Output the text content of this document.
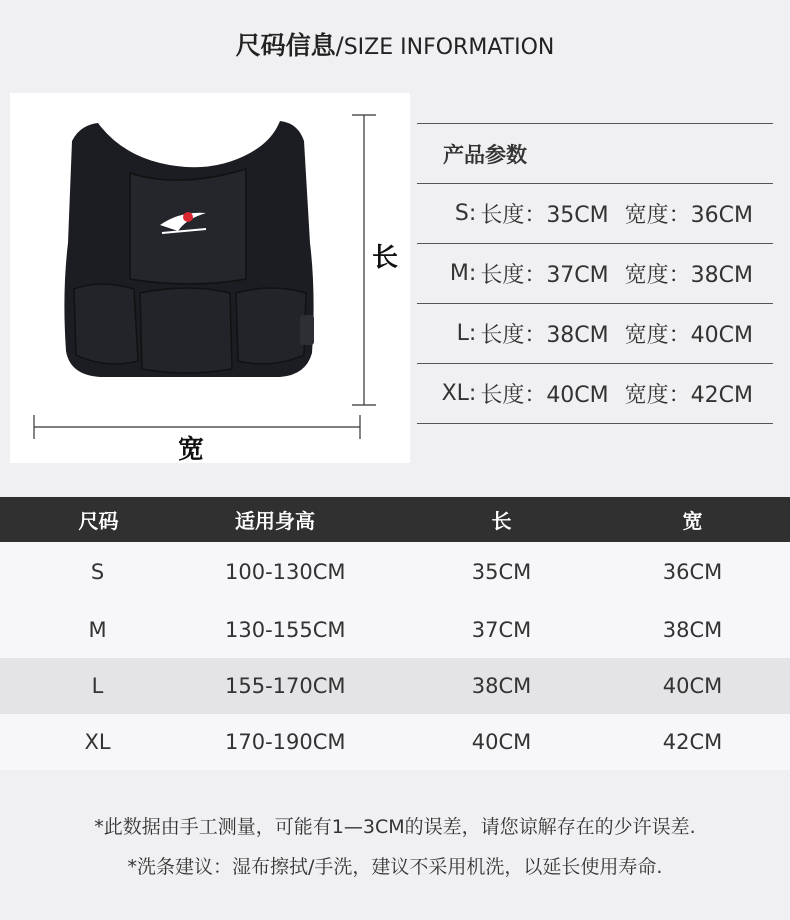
尺码信息/SIZE INFORMATION
长
宽
产品参数
S: 长度：35CM 宽度：36CM
M: 长度：37CM 宽度：38CM
L: 长度：38CM 宽度：40CM
XL: 长度：40CM 宽度：42CM
尺码	适用身高	长	宽
S	100-130CM	35CM	36CM
M	130-155CM	37CM	38CM
L	155-170CM	38CM	40CM
XL	170-190CM	40CM	42CM
*此数据由手工测量，可能有1—3CM的误差，请您谅解存在的少许误差.
*洗条建议：湿布擦拭/手洗，建议不采用机洗，以延长使用寿命.
